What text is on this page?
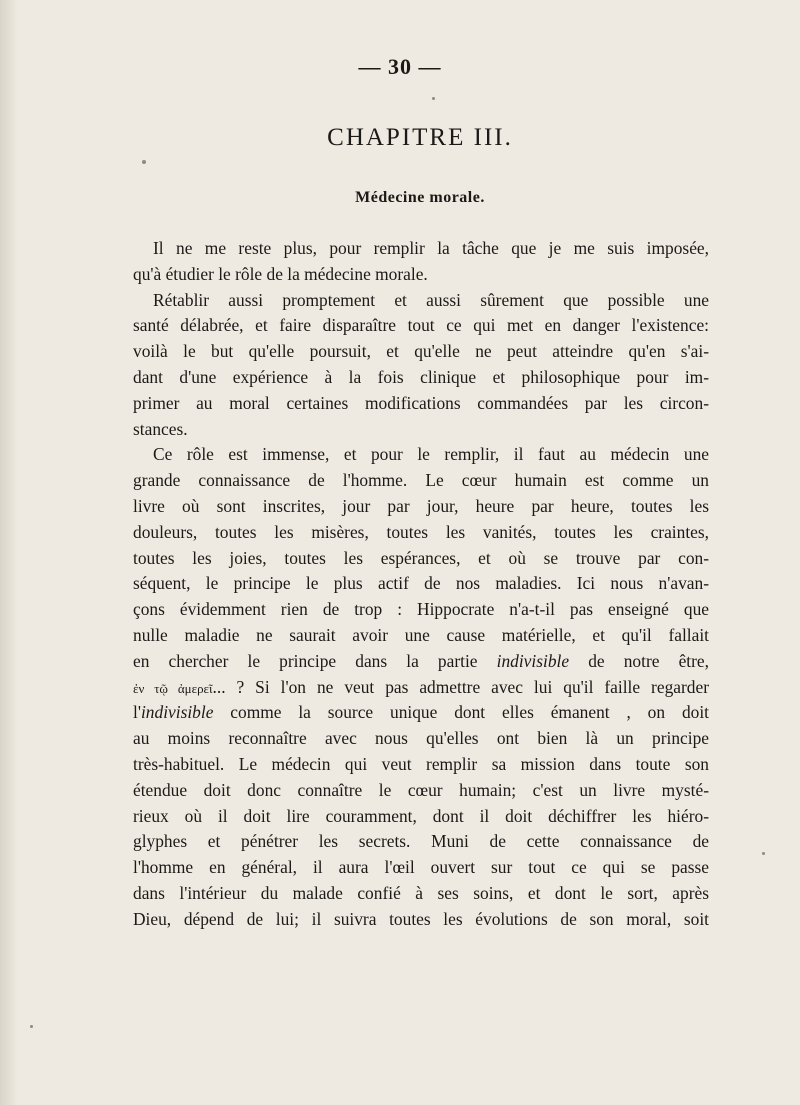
— 30 —
CHAPITRE III.
Médecine morale.
Il ne me reste plus, pour remplir la tâche que je me suis imposée,
qu'à étudier le rôle de la médecine morale.
Rétablir aussi promptement et aussi sûrement que possible une
santé délabrée, et faire disparaître tout ce qui met en danger l'existence:
voilà le but qu'elle poursuit, et qu'elle ne peut atteindre qu'en s'ai-
dant d'une expérience à la fois clinique et philosophique pour im-
primer au moral certaines modifications commandées par les circon-
stances.
Ce rôle est immense, et pour le remplir, il faut au médecin une
grande connaissance de l'homme. Le cœur humain est comme un
livre où sont inscrites, jour par jour, heure par heure, toutes les
douleurs, toutes les misères, toutes les vanités, toutes les craintes,
toutes les joies, toutes les espérances, et où se trouve par con-
séquent, le principe le plus actif de nos maladies. Ici nous n'avan-
çons évidemment rien de trop : Hippocrate n'a-t-il pas enseigné que
nulle maladie ne saurait avoir une cause matérielle, et qu'il fallait
en chercher le principe dans la partie indivisible de notre être,
ἐν τῷ ἀμερεῖ... ? Si l'on ne veut pas admettre avec lui qu'il faille regarder
l'indivisible comme la source unique dont elles émanent , on doit
au moins reconnaître avec nous qu'elles ont bien là un principe
très-habituel. Le médecin qui veut remplir sa mission dans toute son
étendue doit donc connaître le cœur humain; c'est un livre mysté-
rieux où il doit lire couramment, dont il doit déchiffrer les hiéro-
glyphes et pénétrer les secrets. Muni de cette connaissance de
l'homme en général, il aura l'œil ouvert sur tout ce qui se passe
dans l'intérieur du malade confié à ses soins, et dont le sort, après
Dieu, dépend de lui; il suivra toutes les évolutions de son moral, soit
